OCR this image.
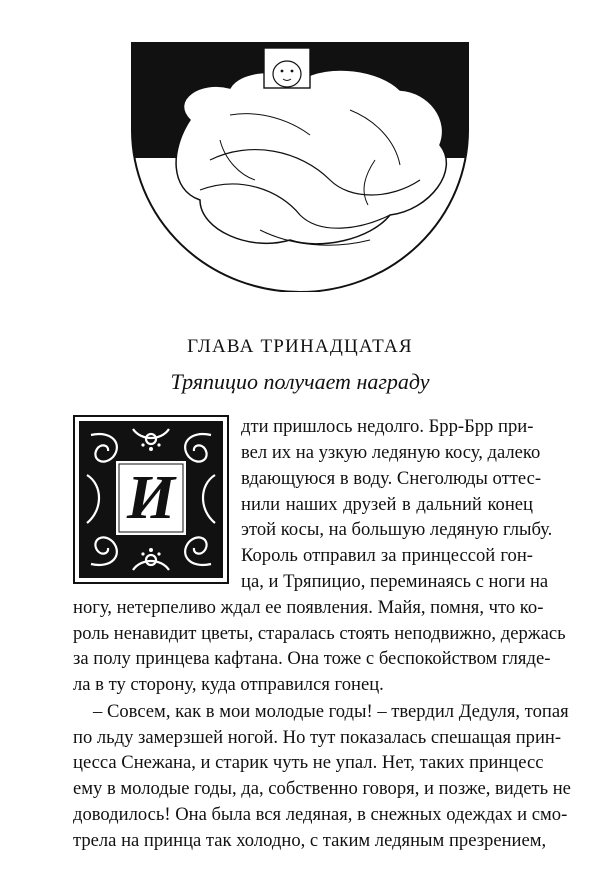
ГЛАВА ТРИНАДЦАТАЯ
Тряпицио получает награду
И
дти пришлось недолго. Брр-Брр при-
вел их на узкую ледяную косу, далеко
вдающуюся в воду. Снеголюды оттес-
нили наших друзей в дальний конец
этой косы, на большую ледяную глыбу.
Король отправил за принцессой гон-
ца, и Тряпицио, переминаясь с ноги на
ногу, нетерпеливо ждал ее появления. Майя, помня, что ко-
роль ненавидит цветы, старалась стоять неподвижно, держась
за полу принцева кафтана. Она тоже с беспокойством гляде-
ла в ту сторону, куда отправился гонец.
– Совсем, как в мои молодые годы! – твердил Дедуля, топая
по льду замерзшей ногой. Но тут показалась спешащая прин-
цесса Снежана, и старик чуть не упал. Нет, таких принцесс
ему в молодые годы, да, собственно говоря, и позже, видеть не
доводилось! Она была вся ледяная, в снежных одеждах и смо-
трела на принца так холодно, с таким ледяным презрением,
